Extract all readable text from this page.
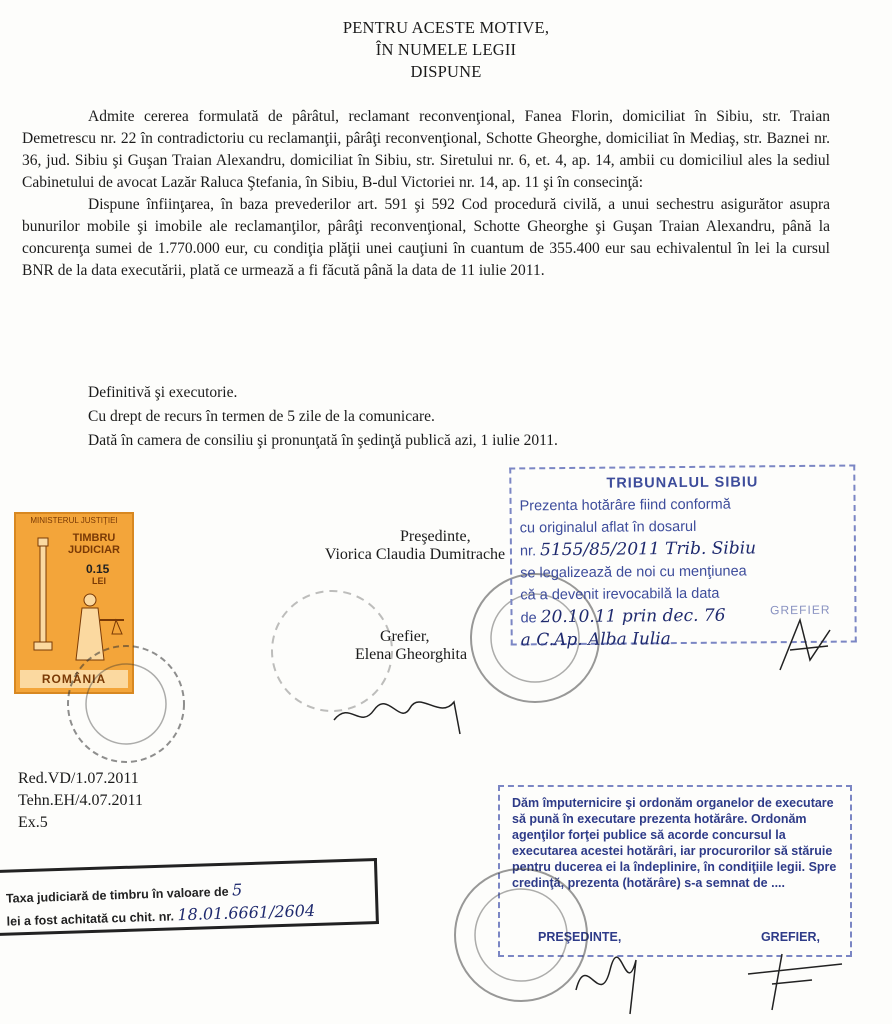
PENTRU ACESTE MOTIVE,
ÎN NUMELE LEGII
DISPUNE

Admite cererea formulată de pârâtul, reclamant reconvenţional, Fanea Florin, domiciliat în Sibiu, str. Traian Demetrescu nr. 22 în contradictoriu cu reclamanţii, pârâţi reconvenţional, Schotte Gheorghe, domiciliat în Mediaş, str. Baznei nr. 36, jud. Sibiu şi Guşan Traian Alexandru, domiciliat în Sibiu, str. Siretului nr. 6, et. 4, ap. 14, ambii cu domiciliul ales la sediul Cabinetului de avocat Lazăr Raluca Ştefania, în Sibiu, B-dul Victoriei nr. 14, ap. 11 şi în consecinţă:

Dispune înfiinţarea, în baza prevederilor art. 591 şi 592 Cod procedură civilă, a unui sechestru asigurător asupra bunurilor mobile şi imobile ale reclamanţilor, pârâţi reconvenţional, Schotte Gheorghe şi Guşan Traian Alexandru, până la concurenţa sumei de 1.770.000 eur, cu condiţia plăţii unei cauţiuni în cuantum de 355.400 eur sau echivalentul în lei la cursul BNR de la data executării, plată ce urmează a fi făcută până la data de 11 iulie 2011.

Definitivă şi executorie.
Cu drept de recurs în termen de 5 zile de la comunicare.
Dată în camera de consiliu şi pronunţată în şedinţă publică azi, 1 iulie 2011.
MINISTERUL JUSTIŢIEI
TIMBRU JUDICIAR
0.15
LEI
ROMÂNIA
Preşedinte,
Viorica Claudia Dumitrache
Grefier,
Elena Gheorghita
TRIBUNALUL SIBIU
Prezenta hotărâre fiind conformă
cu originalul aflat în dosarul
nr. 5155/85/2011 Trib. Sibiu
se legalizează de noi cu menţiunea
că a devenit irevocabilă la data
de 20.10.11 prin dec. 76
a C.Ap. Alba Iulia
GREFIER
Red.VD/1.07.2011
Tehn.EH/4.07.2011
Ex.5
Taxa judiciară de timbru în valoare de 5
lei a fost achitată cu chit. nr. 18.01.6661/2604
Dăm împuternicire şi ordonăm organelor de executare să pună în executare prezenta hotărâre. Ordonăm agenţilor forţei publice să acorde concursul la executarea acestei hotărâri, iar procurorilor să stăruie pentru ducerea ei la îndeplinire, în condiţiile legii. Spre credinţă, prezenta (hotărâre) s-a semnat de ....
PREŞEDINTE,	GREFIER,
